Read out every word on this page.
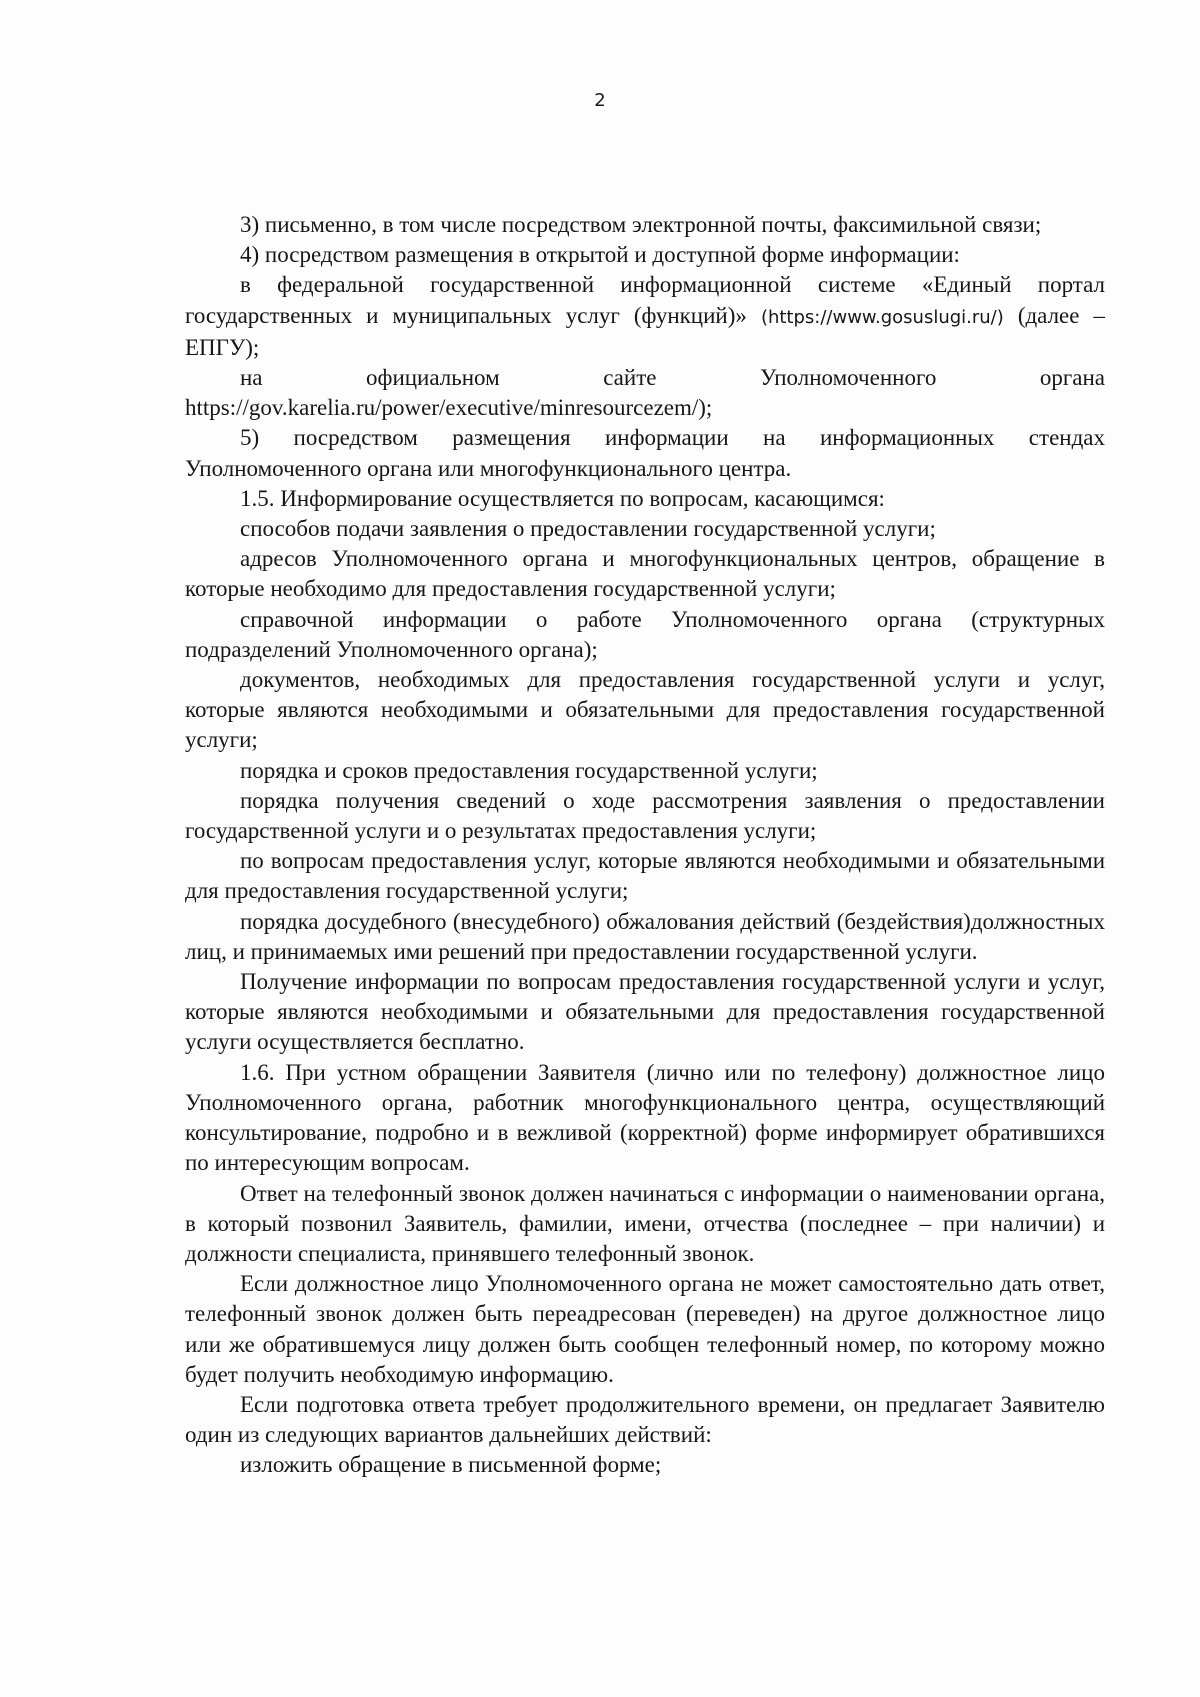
2

3) письменно, в том числе посредством электронной почты, факсимильной связи;

4) посредством размещения в открытой и доступной форме информации:

в федеральной государственной информационной системе «Единый портал государственных и муниципальных услуг (функций)» (https://www.gosuslugi.ru/) (далее – ЕПГУ);

на официальном сайте Уполномоченного органа

https://gov.karelia.ru/power/executive/minresourcezem/);

5) посредством размещения информации на информационных стендах Уполномоченного органа или многофункционального центра.

1.5. Информирование осуществляется по вопросам, касающимся:

способов подачи заявления о предоставлении государственной услуги;

адресов Уполномоченного органа и многофункциональных центров, обращение в которые необходимо для предоставления государственной услуги;

справочной информации о работе Уполномоченного органа (структурных подразделений Уполномоченного органа);

документов, необходимых для предоставления государственной услуги и услуг, которые являются необходимыми и обязательными для предоставления государственной услуги;

порядка и сроков предоставления государственной услуги;

порядка получения сведений о ходе рассмотрения заявления о предоставлении государственной услуги и о результатах предоставления услуги;

по вопросам предоставления услуг, которые являются необходимыми и обязательными для предоставления государственной услуги;

порядка досудебного (внесудебного) обжалования действий (бездействия)должностных лиц, и принимаемых ими решений при предоставлении государственной услуги.

Получение информации по вопросам предоставления государственной услуги и услуг, которые являются необходимыми и обязательными для предоставления государственной услуги осуществляется бесплатно.

1.6. При устном обращении Заявителя (лично или по телефону) должностное лицо Уполномоченного органа, работник многофункционального центра, осуществляющий консультирование, подробно и в вежливой (корректной) форме информирует обратившихся по интересующим вопросам.

Ответ на телефонный звонок должен начинаться с информации о наименовании органа, в который позвонил Заявитель, фамилии, имени, отчества (последнее – при наличии) и должности специалиста, принявшего телефонный звонок.

Если должностное лицо Уполномоченного органа не может самостоятельно дать ответ, телефонный звонок должен быть переадресован (переведен) на другое должностное лицо или же обратившемуся лицу должен быть сообщен телефонный номер, по которому можно будет получить необходимую информацию.

Если подготовка ответа требует продолжительного времени, он предлагает Заявителю один из следующих вариантов дальнейших действий:

изложить обращение в письменной форме;
